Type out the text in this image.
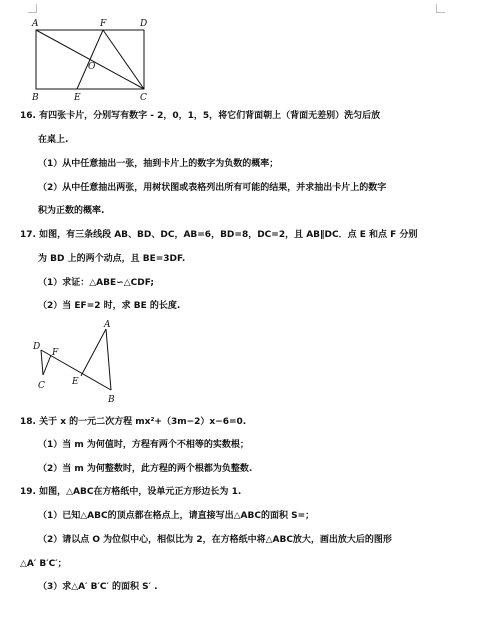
A	F	D
O
B	E	C
16. 有四张卡片，分别写有数字 - 2，0，1，5，将它们背面朝上（背面无差别）洗匀后放
在桌上.
（1）从中任意抽出一张，抽到卡片上的数字为负数的概率；
（2）从中任意抽出两张，用树状图或表格列出所有可能的结果，并求抽出卡片上的数字
积为正数的概率.
17. 如图，有三条线段 AB、BD、DC，AB=6，BD=8，DC=2，且 AB∥DC．点 E 和点 F 分别
为 BD 上的两个动点，且 BE=3DF.
（1）求证：△ABE∽△CDF;
（2）当 EF=2 时，求 BE 的长度.
A
D
F
C	E
B
18. 关于 x 的一元二次方程 mx²+（3m−2）x−6=0.
（1）当 m 为何值时，方程有两个不相等的实数根；
（2）当 m 为何整数时，此方程的两个根都为负整数.
19. 如图，△ABC在方格纸中，设单元正方形边长为 1.
（1）已知△ABC的顶点都在格点上，请直接写出△ABC的面积 S=；
（2）请以点 O 为位似中心，相似比为 2，在方格纸中将△ABC放大，画出放大后的图形
△A′ B′C′；
（3）求△A′ B′C′ 的面积 S′ .
